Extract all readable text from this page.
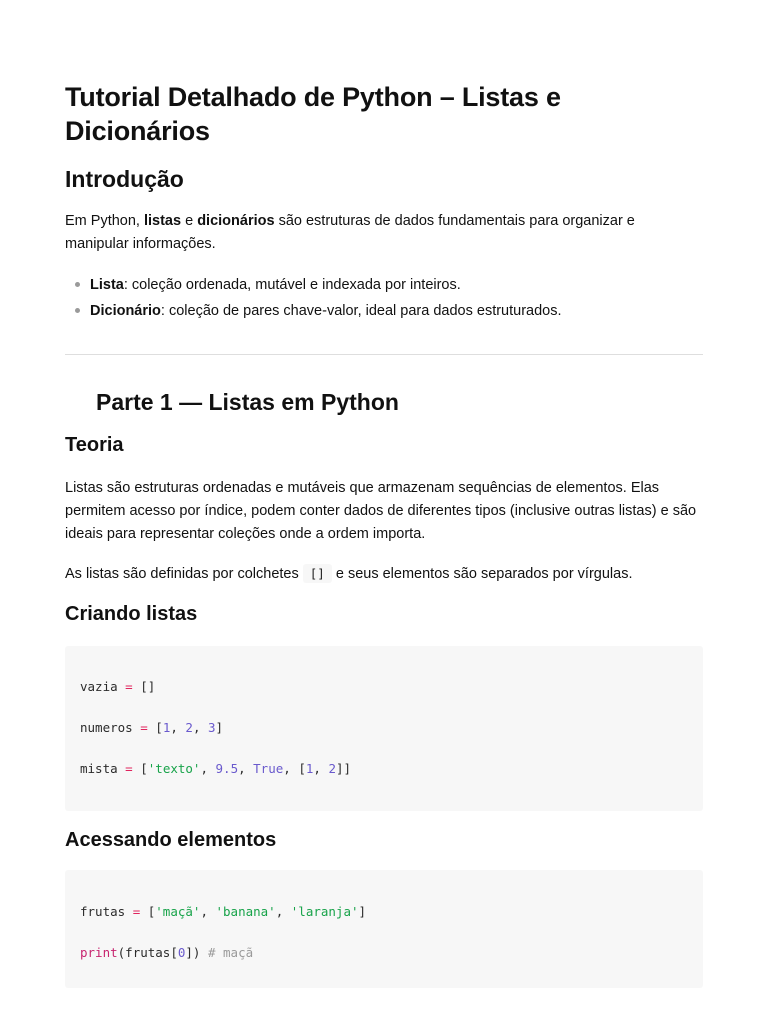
Tutorial Detalhado de Python – Listas e Dicionários
Introdução

Em Python, listas e dicionários são estruturas de dados fundamentais para organizar e manipular informações.

Lista: coleção ordenada, mutável e indexada por inteiros.
Dicionário: coleção de pares chave-valor, ideal para dados estruturados.
Parte 1 — Listas em Python
Teoria

Listas são estruturas ordenadas e mutáveis que armazenam sequências de elementos. Elas permitem acesso por índice, podem conter dados de diferentes tipos (inclusive outras listas) e são ideais para representar coleções onde a ordem importa.

As listas são definidas por colchetes [] e seus elementos são separados por vírgulas.

Criando listas
vazia = []
numeros = [1, 2, 3]
mista = ['texto', 9.5, True, [1, 2]]
Acessando elementos
frutas = ['maçã', 'banana', 'laranja']
print(frutas[0]) # maçã
